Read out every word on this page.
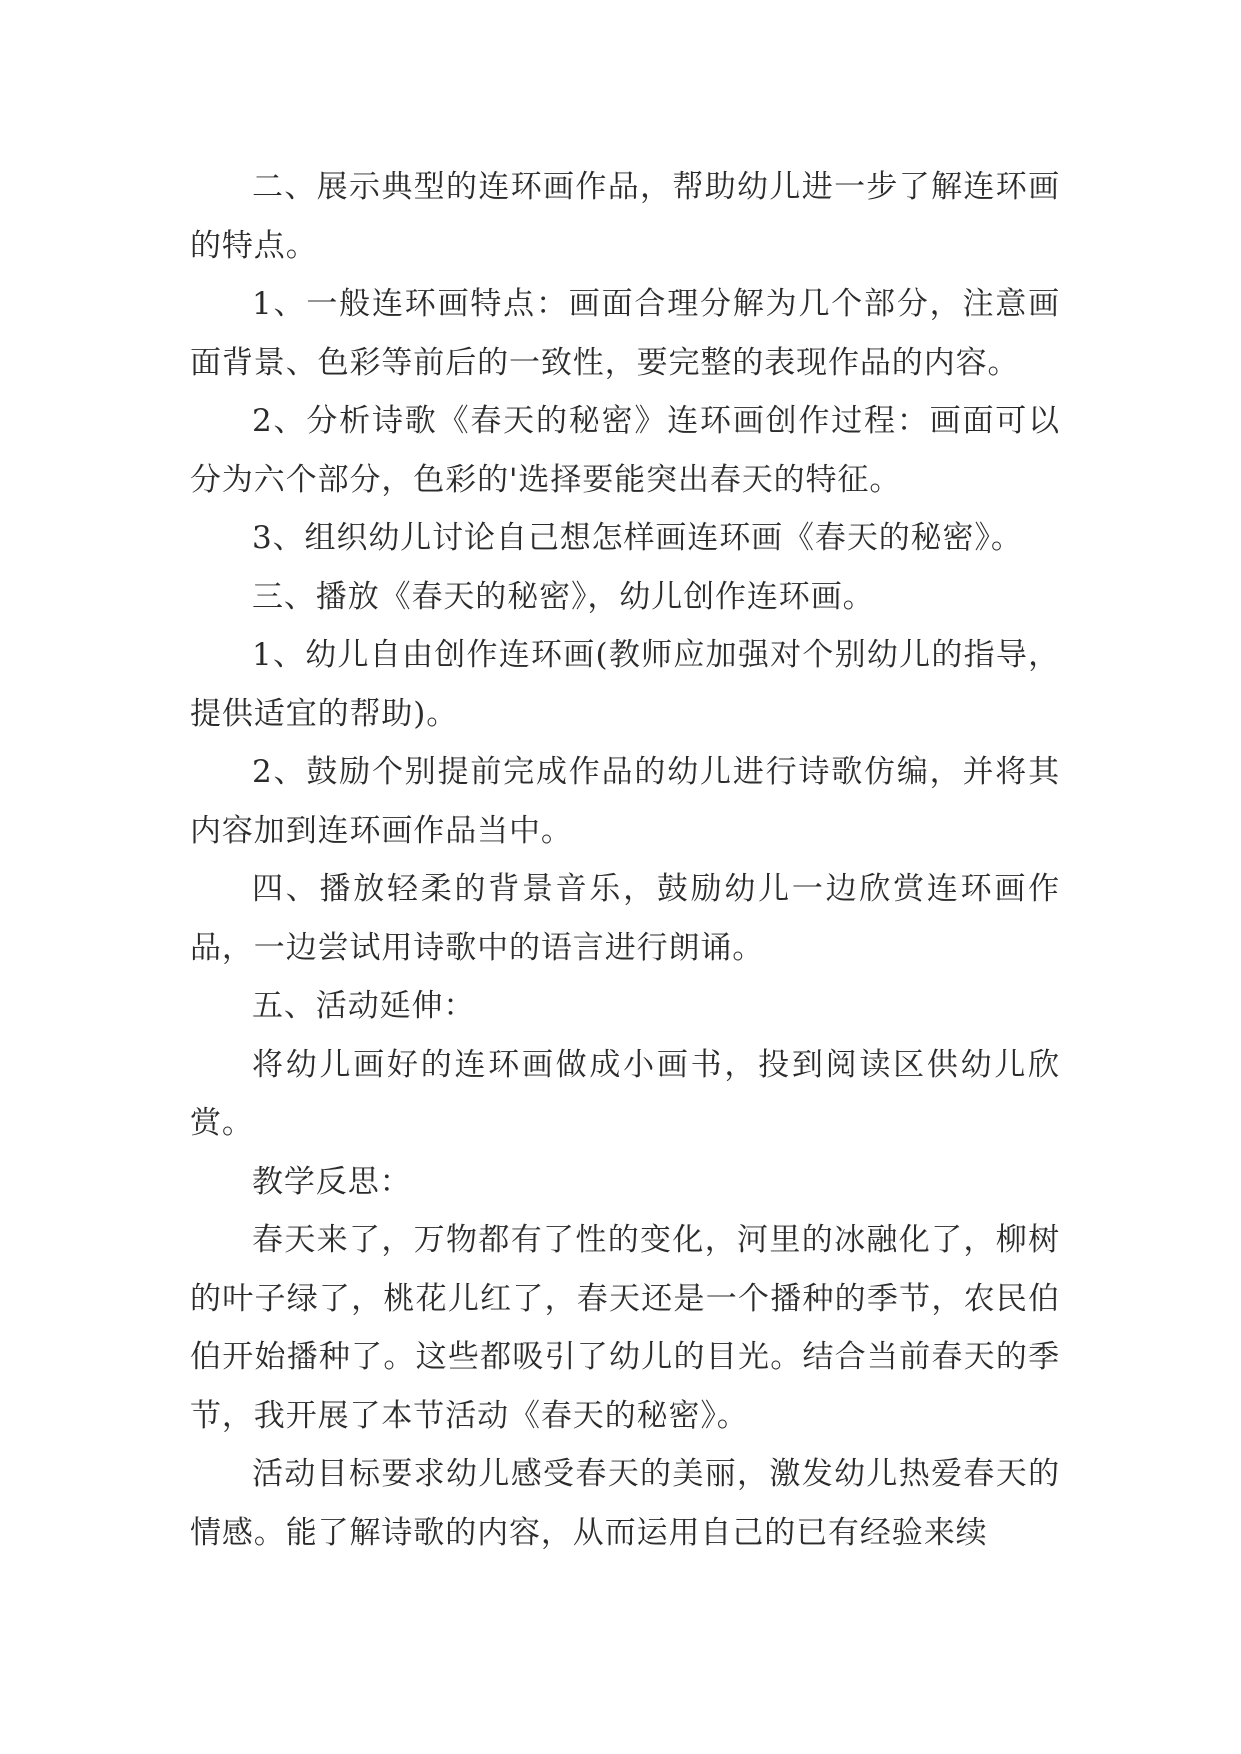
二、展示典型的连环画作品，帮助幼儿进一步了解连环画的特点。

1、一般连环画特点：画面合理分解为几个部分，注意画面背景、色彩等前后的一致性，要完整的表现作品的内容。

2、分析诗歌《春天的秘密》连环画创作过程：画面可以分为六个部分，色彩的'选择要能突出春天的特征。

3、组织幼儿讨论自己想怎样画连环画《春天的秘密》。

三、播放《春天的秘密》，幼儿创作连环画。

1、幼儿自由创作连环画(教师应加强对个别幼儿的指导，提供适宜的帮助)。

2、鼓励个别提前完成作品的幼儿进行诗歌仿编，并将其内容加到连环画作品当中。

四、播放轻柔的背景音乐，鼓励幼儿一边欣赏连环画作品，一边尝试用诗歌中的语言进行朗诵。

五、活动延伸：

将幼儿画好的连环画做成小画书，投到阅读区供幼儿欣赏。

教学反思：

春天来了，万物都有了性的变化，河里的冰融化了，柳树的叶子绿了，桃花儿红了，春天还是一个播种的季节，农民伯伯开始播种了。这些都吸引了幼儿的目光。结合当前春天的季节，我开展了本节活动《春天的秘密》。

活动目标要求幼儿感受春天的美丽，激发幼儿热爱春天的情感。能了解诗歌的内容，从而运用自己的已有经验来续
